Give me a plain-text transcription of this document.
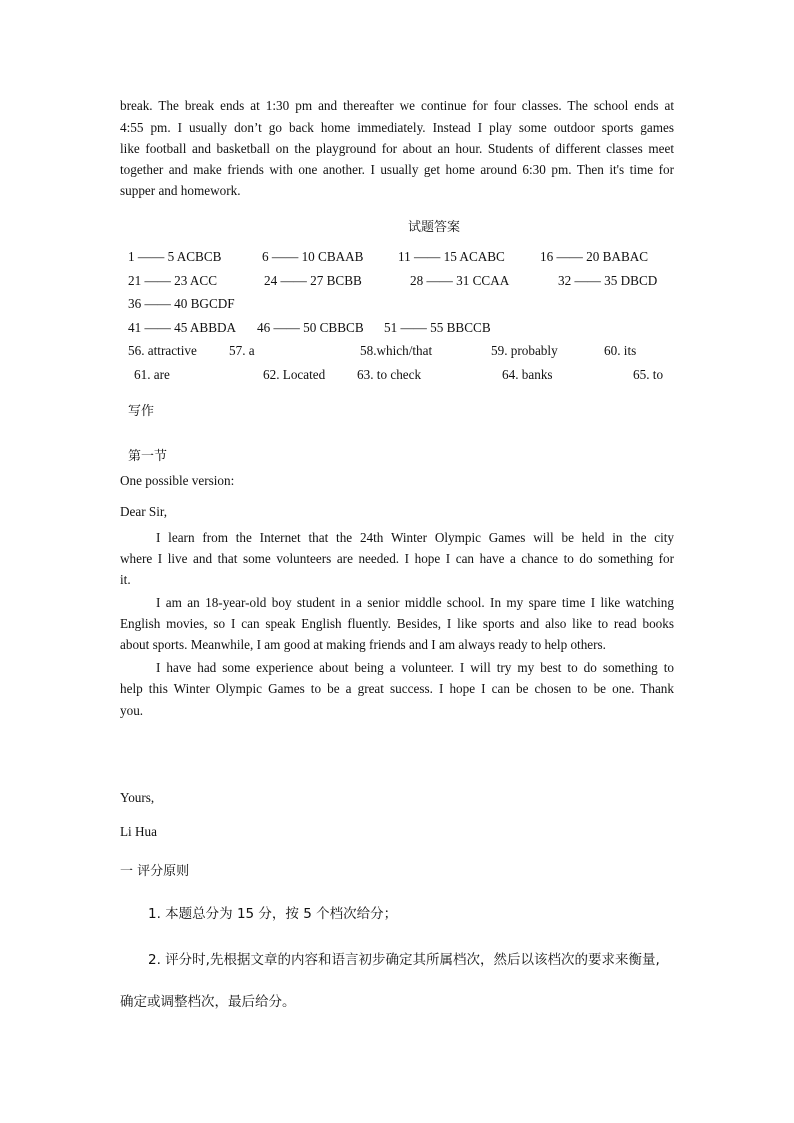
break. The break ends at 1:30 pm and thereafter we continue for four classes. The school ends at
4:55 pm. I usually don’t go back home immediately. Instead I play some outdoor sports games
like football and basketball on the playground for about an hour. Students of different classes meet
together and make friends with one another. I usually get home around 6:30 pm. Then it's time for
supper and homework.
试题答案
1 —— 5 ACBCB	6 —— 10 CBAAB	11 —— 15 ACABC	16 —— 20 BABAC
21 —— 23 ACC	24 —— 27 BCBB	28 —— 31 CCAA	32 —— 35 DBCD
36 —— 40 BGCDF
41 —— 45 ABBDA 46 —— 50 CBBCB 51 —— 55 BBCCB
56. attractive 57. a	58.which/that	59. probably	60. its
61. are	62. Located 63. to check	64. banks	65. to
写作
第一节
One possible version:
Dear Sir,
I learn from the Internet that the 24th Winter Olympic Games will be held in the city
where I live and that some volunteers are needed. I hope I can have a chance to do something for
it.
I am an 18-year-old boy student in a senior middle school. In my spare time I like watching
English movies, so I can speak English fluently. Besides, I like sports and also like to read books
about sports. Meanwhile, I am good at making friends and I am always ready to help others.
I have had some experience about being a volunteer. I will try my best to do something to
help this Winter Olympic Games to be a great success. I hope I can be chosen to be one. Thank
you.
Yours,
Li Hua
一 评分原则
1. 本题总分为 15 分，按 5 个档次给分；
2. 评分时,先根据文章的内容和语言初步确定其所属档次，然后以该档次的要求来衡量,
确定或调整档次，最后给分。
